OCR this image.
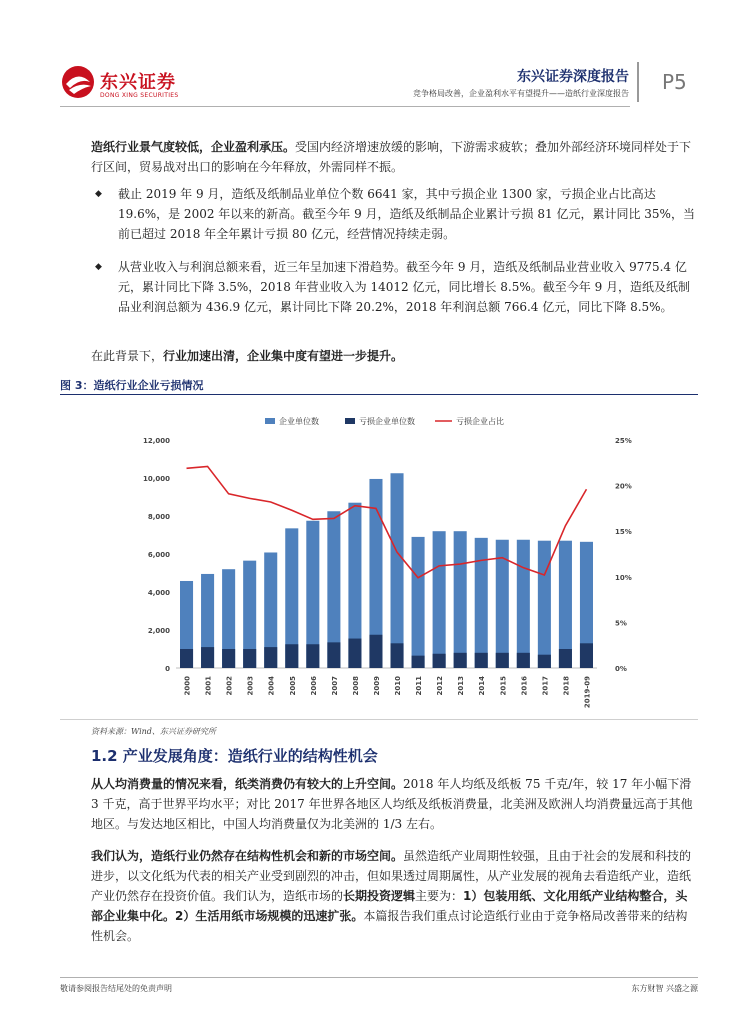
东兴证券
DONG XING SECURITIES
东兴证券深度报告
竞争格局改善，企业盈利水平有望提升——造纸行业深度报告 P5
造纸行业景气度较低，企业盈利承压。受国内经济增速放缓的影响，下游需求疲软；叠加外部经济环境同样处于下行区间，贸易战对出口的影响在今年释放，外需同样不振。
◆ 截止 2019 年 9 月，造纸及纸制品业单位个数 6641 家，其中亏损企业 1300 家，亏损企业占比高达 19.6%，是 2002 年以来的新高。截至今年 9 月，造纸及纸制品企业累计亏损 81 亿元，累计同比 35%，当前已超过 2018 年全年累计亏损 80 亿元，经营情况持续走弱。
◆ 从营业收入与利润总额来看，近三年呈加速下滑趋势。截至今年 9 月，造纸及纸制品业营业收入 9775.4 亿元，累计同比下降 3.5%，2018 年营业收入为 14012 亿元，同比增长 8.5%。截至今年 9 月，造纸及纸制品业利润总额为 436.9 亿元，累计同比下降 20.2%，2018 年利润总额 766.4 亿元，同比下降 8.5%。
在此背景下，行业加速出清，企业集中度有望进一步提升。
图 3：造纸行业企业亏损情况
企业单位数	亏损企业单位数	亏损企业占比
0
2,000
4,000
6,000
8,000
10,000
12,000
0%
5%
10%
15%
20%
25%
2000 2001 2002 2003 2004 2005 2006 2007 2008 2009 2010 2011 2012 2013 2014 2015 2016 2017 2018 2019-09
资料来源：Wind、东兴证券研究所
1.2 产业发展角度：造纸行业的结构性机会
从人均消费量的情况来看，纸类消费仍有较大的上升空间。2018 年人均纸及纸板 75 千克/年，较 17 年小幅下滑 3 千克，高于世界平均水平；对比 2017 年世界各地区人均纸及纸板消费量，北美洲及欧洲人均消费量远高于其他地区。与发达地区相比，中国人均消费量仅为北美洲的 1/3 左右。
我们认为，造纸行业仍然存在结构性机会和新的市场空间。虽然造纸产业周期性较强，且由于社会的发展和科技的进步，以文化纸为代表的相关产业受到剧烈的冲击，但如果透过周期属性，从产业发展的视角去看造纸产业，造纸产业仍然存在投资价值。我们认为，造纸市场的长期投资逻辑主要为：1）包装用纸、文化用纸产业结构整合，头部企业集中化。2）生活用纸市场规模的迅速扩张。本篇报告我们重点讨论造纸行业由于竞争格局改善带来的结构性机会。
敬请参阅报告结尾处的免责声明	东方财智 兴盛之源
